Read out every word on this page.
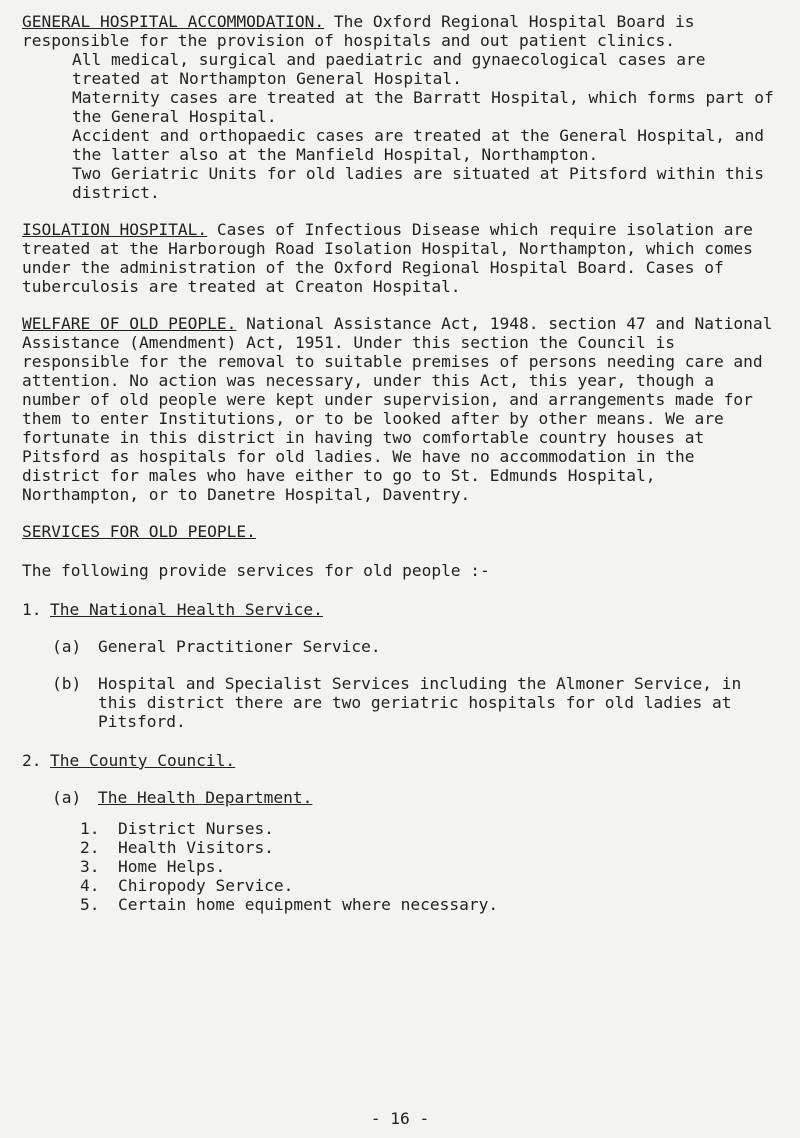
GENERAL HOSPITAL ACCOMMODATION. The Oxford Regional Hospital Board is responsible for the provision of hospitals and out patient clinics.
All medical, surgical and paediatric and gynaecological cases are treated at Northampton General Hospital.
Maternity cases are treated at the Barratt Hospital, which forms part of the General Hospital.
Accident and orthopaedic cases are treated at the General Hospital, and the latter also at the Manfield Hospital, Northampton.
Two Geriatric Units for old ladies are situated at Pitsford within this district.

ISOLATION HOSPITAL. Cases of Infectious Disease which require isolation are treated at the Harborough Road Isolation Hospital, Northampton, which comes under the administration of the Oxford Regional Hospital Board. Cases of tuberculosis are treated at Creaton Hospital.

WELFARE OF OLD PEOPLE. National Assistance Act, 1948. section 47 and National Assistance (Amendment) Act, 1951. Under this section the Council is responsible for the removal to suitable premises of persons needing care and attention. No action was necessary, under this Act, this year, though a number of old people were kept under supervision, and arrangements made for them to enter Institutions, or to be looked after by other means. We are fortunate in this district in having two comfortable country houses at Pitsford as hospitals for old ladies. We have no accommodation in the district for males who have either to go to St. Edmunds Hospital, Northampton, or to Danetre Hospital, Daventry.

SERVICES FOR OLD PEOPLE.

The following provide services for old people :-

1. The National Health Service.
(a)	General Practitioner Service.
(b)	Hospital and Specialist Services including the Almoner Service, in this district there are two geriatric hospitals for old ladies at Pitsford.
2. The County Council.
(a)	The Health Department.
1.	District Nurses.
2.	Health Visitors.
3.	Home Helps.
4.	Chiropody Service.
5.	Certain home equipment where necessary.
- 16 -
